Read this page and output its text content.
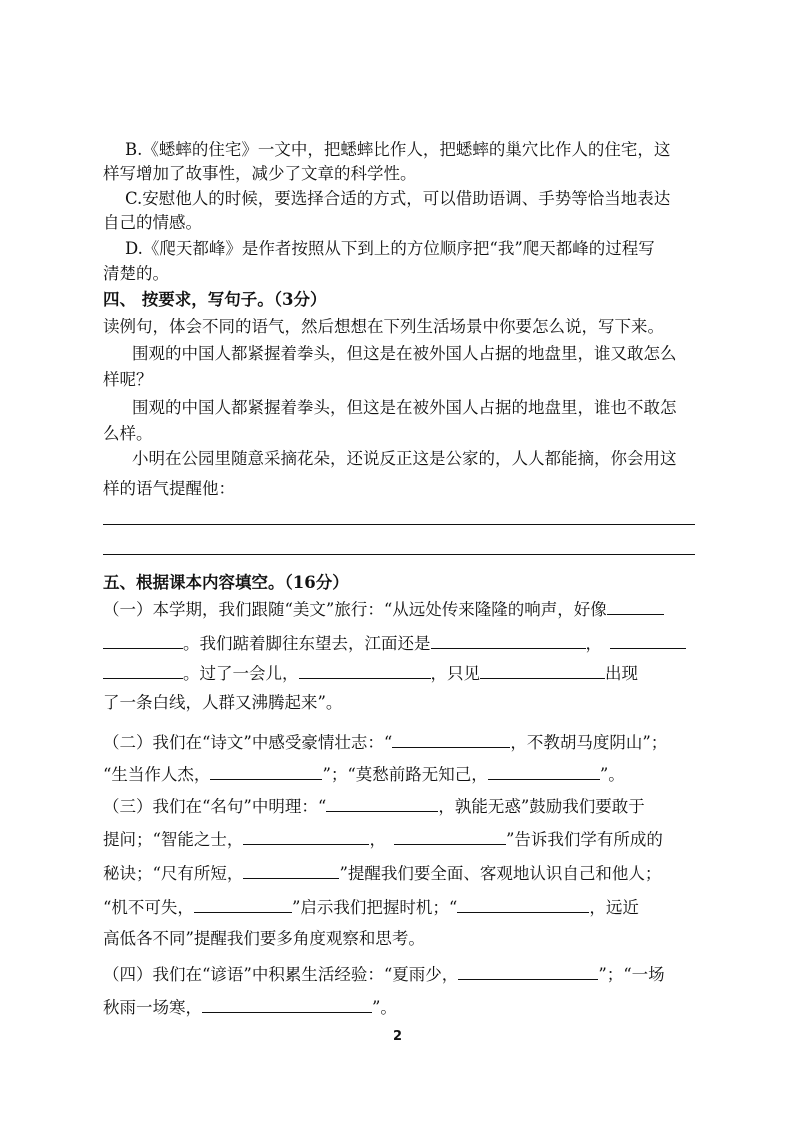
B.《蟋蟀的住宅》一文中，把蟋蟀比作人，把蟋蟀的巢穴比作人的住宅，这
样写增加了故事性，减少了文章的科学性。
C.安慰他人的时候，要选择合适的方式，可以借助语调、手势等恰当地表达
自己的情感。
D.《爬天都峰》是作者按照从下到上的方位顺序把“我”爬天都峰的过程写
清楚的。
四、 按要求，写句子。（3分）
读例句，体会不同的语气，然后想想在下列生活场景中你要怎么说，写下来。
围观的中国人都紧握着拳头，但这是在被外国人占据的地盘里，谁又敢怎么
样呢？
围观的中国人都紧握着拳头，但这是在被外国人占据的地盘里，谁也不敢怎
么样。
小明在公园里随意采摘花朵，还说反正这是公家的，人人都能摘，你会用这
样的语气提醒他：
五、根据课本内容填空。（16分）
（一）本学期，我们跟随“美文”旅行：“从远处传来隆隆的响声，好像
。我们踮着脚往东望去，江面还是	，
。过了一会儿，	，只见	出现
了一条白线，人群又沸腾起来”。
（二）我们在“诗文”中感受豪情壮志：“	，不教胡马度阴山”；
“生当作人杰，	”；“莫愁前路无知己，	”。
（三）我们在“名句”中明理：“	，孰能无惑”鼓励我们要敢于
提问；“智能之士，	，	”告诉我们学有所成的
秘诀；“尺有所短，	”提醒我们要全面、客观地认识自己和他人；
“机不可失，	”启示我们把握时机；“	，远近
高低各不同”提醒我们要多角度观察和思考。
（四）我们在“谚语”中积累生活经验：“夏雨少，	”；“一场
秋雨一场寒，	”。
2
